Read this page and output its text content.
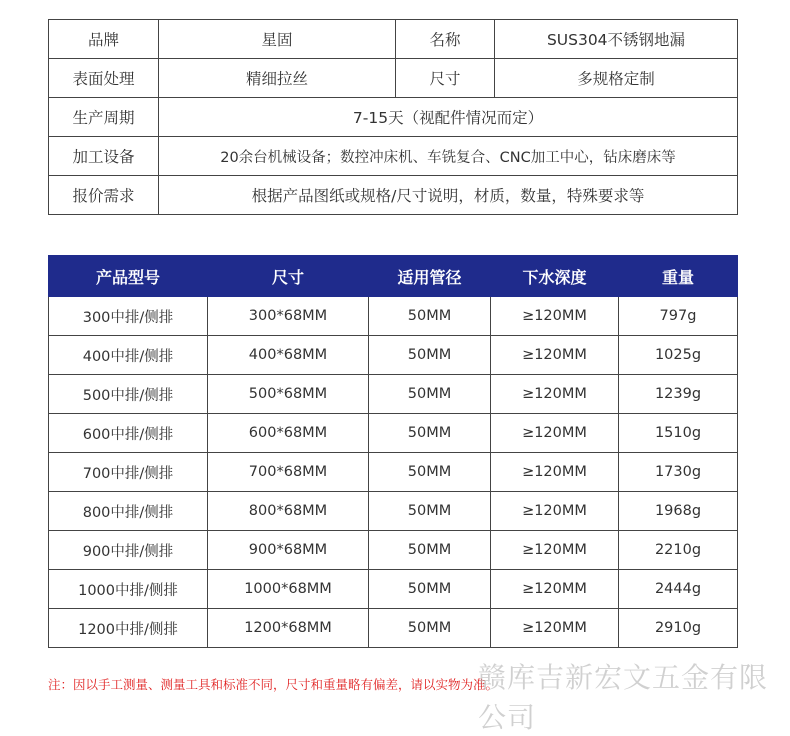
品牌	星固	名称	SUS304不锈钢地漏
表面处理	精细拉丝	尺寸	多规格定制
生产周期	7-15天（视配件情况而定）		
加工设备	20余台机械设备；数控冲床机、车铣复合、CNC加工中心，钻床磨床等		
报价需求	根据产品图纸或规格/尺寸说明，材质，数量，特殊要求等		
产品型号	尺寸	适用管径	下水深度	重量
300中排/侧排	300*68MM	50MM	≥120MM	797g
400中排/侧排	400*68MM	50MM	≥120MM	1025g
500中排/侧排	500*68MM	50MM	≥120MM	1239g
600中排/侧排	600*68MM	50MM	≥120MM	1510g
700中排/侧排	700*68MM	50MM	≥120MM	1730g
800中排/侧排	800*68MM	50MM	≥120MM	1968g
900中排/侧排	900*68MM	50MM	≥120MM	2210g
1000中排/侧排	1000*68MM	50MM	≥120MM	2444g
1200中排/侧排	1200*68MM	50MM	≥120MM	2910g
注：因以手工测量、测量工具和标准不同，尺寸和重量略有偏差，请以实物为准。
赣库吉新宏文五金有限公司
